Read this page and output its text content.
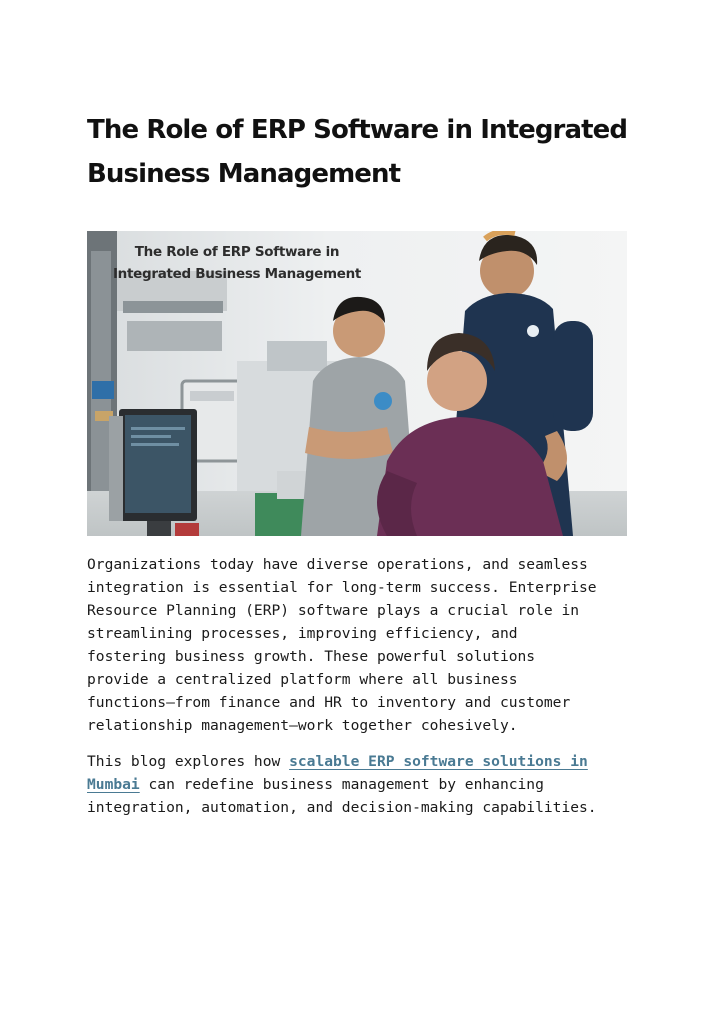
The Role of ERP Software in Integrated
Business Management
The Role of ERP Software in
Integrated Business Management

Organizations today have diverse operations, and seamless
integration is essential for long-term success. Enterprise
Resource Planning (ERP) software plays a crucial role in
streamlining processes, improving efficiency, and
fostering business growth. These powerful solutions
provide a centralized platform where all business
functions—from finance and HR to inventory and customer
relationship management—work together cohesively.

This blog explores how scalable ERP software solutions in
Mumbai can redefine business management by enhancing
integration, automation, and decision-making capabilities.
